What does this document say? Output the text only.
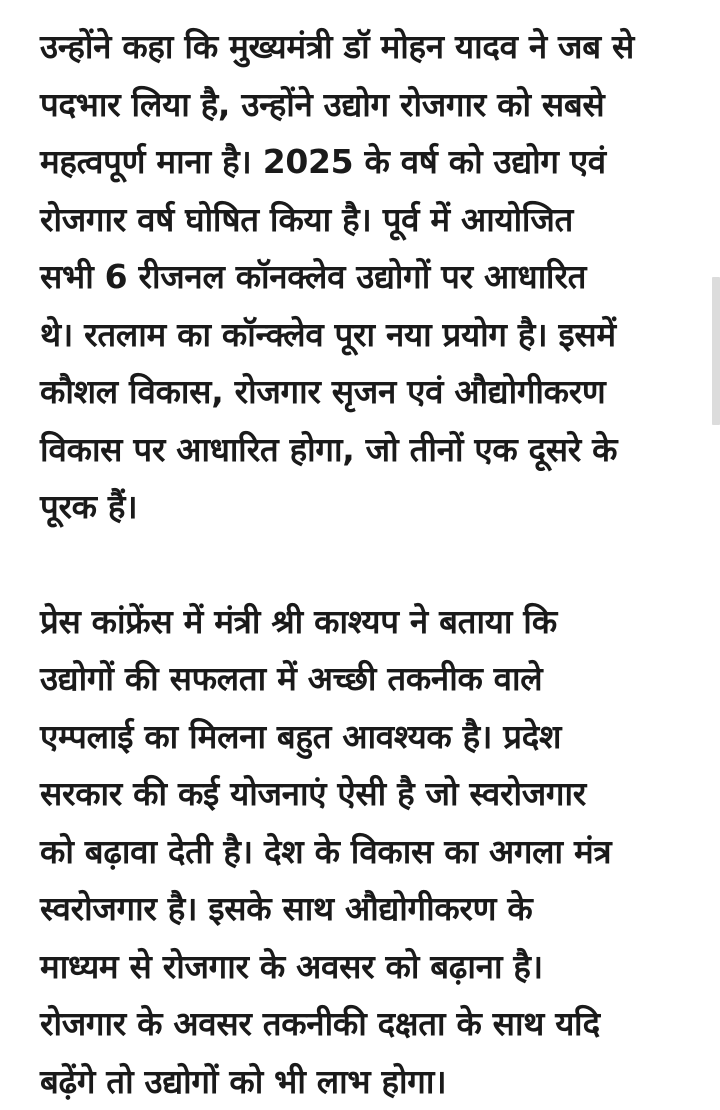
उन्होंने कहा कि मुख्यमंत्री डॉ मोहन यादव ने जब से
पदभार लिया है, उन्होंने उद्योग रोजगार को सबसे
महत्वपूर्ण माना है। 2025 के वर्ष को उद्योग एवं
रोजगार वर्ष घोषित किया है। पूर्व में आयोजित
सभी 6 रीजनल कॉनक्लेव उद्योगों पर आधारित
थे। रतलाम का कॉन्क्लेव पूरा नया प्रयोग है। इसमें
कौशल विकास, रोजगार सृजन एवं औद्योगीकरण
विकास पर आधारित होगा, जो तीनों एक दूसरे के
पूरक हैं।

प्रेस कांफ्रेंस में मंत्री श्री काश्यप ने बताया कि
उद्योगों की सफलता में अच्छी तकनीक वाले
एम्पलाई का मिलना बहुत आवश्यक है। प्रदेश
सरकार की कई योजनाएं ऐसी है जो स्वरोजगार
को बढ़ावा देती है। देश के विकास का अगला मंत्र
स्वरोजगार है। इसके साथ औद्योगीकरण के
माध्यम से रोजगार के अवसर को बढ़ाना है।
रोजगार के अवसर तकनीकी दक्षता के साथ यदि
बढ़ेंगे तो उद्योगों को भी लाभ होगा।
